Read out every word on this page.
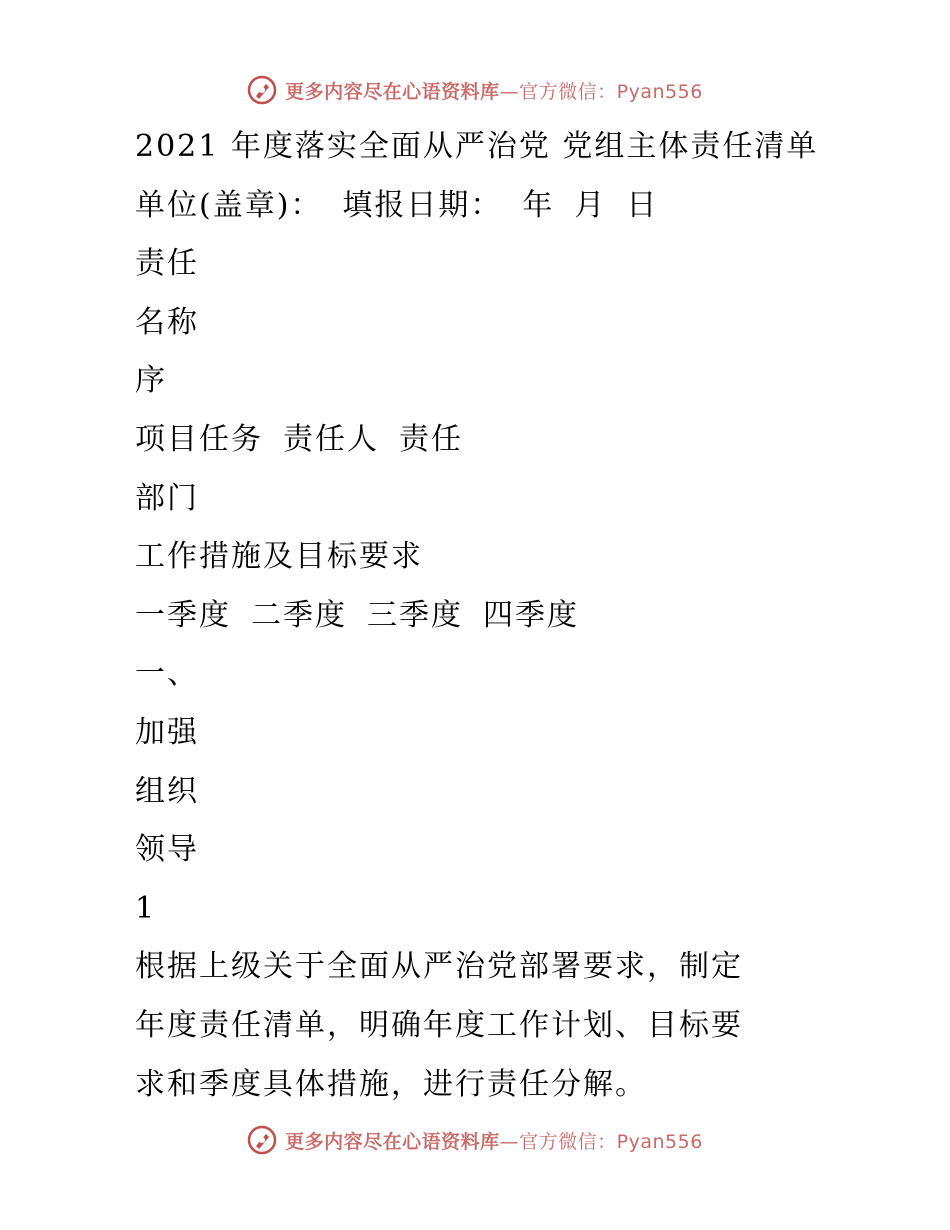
更多内容尽在心语资料库—官方微信：Pyan556
2021 年度落实全面从严治党 党组主体责任清单
单位(盖章)： 填报日期： 年 月 日
责任
名称
序
项目任务 责任人 责任
部门
工作措施及目标要求
一季度 二季度 三季度 四季度
一、
加强
组织
领导
1
根据上级关于全面从严治党部署要求，制定
年度责任清单，明确年度工作计划、目标要
求和季度具体措施，进行责任分解。
更多内容尽在心语资料库—官方微信：Pyan556
